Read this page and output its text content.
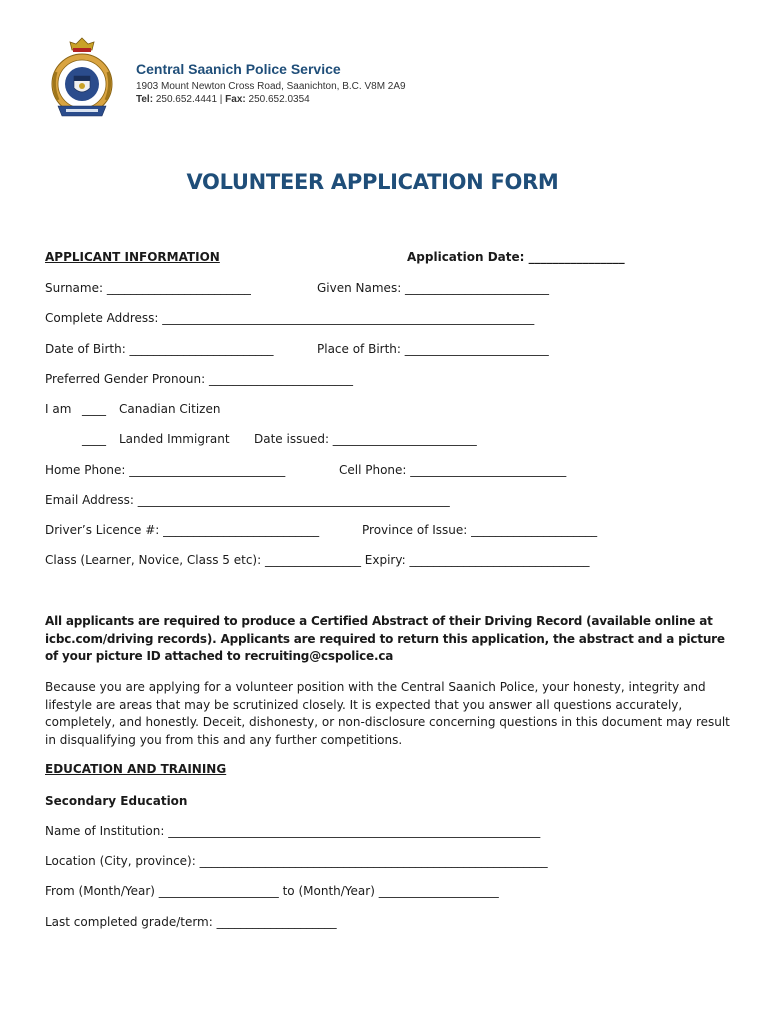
Central Saanich Police Service
1903 Mount Newton Cross Road, Saanichton, B.C. V8M 2A9
Tel: 250.652.4441 | Fax: 250.652.0354
VOLUNTEER APPLICATION FORM
APPLICANT INFORMATION	Application Date: ________________
Surname: ________________________	Given Names: ________________________
Complete Address: ______________________________________________________________
Date of Birth: ________________________	Place of Birth: ________________________
Preferred Gender Pronoun: ________________________
I am ____ Canadian Citizen
____ Landed Immigrant Date issued: ________________________
Home Phone: __________________________	Cell Phone: __________________________
Email Address: ____________________________________________________
Driver’s Licence #: __________________________	Province of Issue: _____________________
Class (Learner, Novice, Class 5 etc): ________________ Expiry: ______________________________
All applicants are required to produce a Certified Abstract of their Driving Record (available online at icbc.com/driving records). Applicants are required to return this application, the abstract and a picture of your picture ID attached to recruiting@cspolice.ca
Because you are applying for a volunteer position with the Central Saanich Police, your honesty, integrity and lifestyle are areas that may be scrutinized closely. It is expected that you answer all questions accurately, completely, and honestly. Deceit, dishonesty, or non-disclosure concerning questions in this document may result in disqualifying you from this and any further competitions.
EDUCATION AND TRAINING
Secondary Education
Name of Institution: ______________________________________________________________
Location (City, province): __________________________________________________________
From (Month/Year) ____________________ to (Month/Year) ____________________
Last completed grade/term: ____________________
